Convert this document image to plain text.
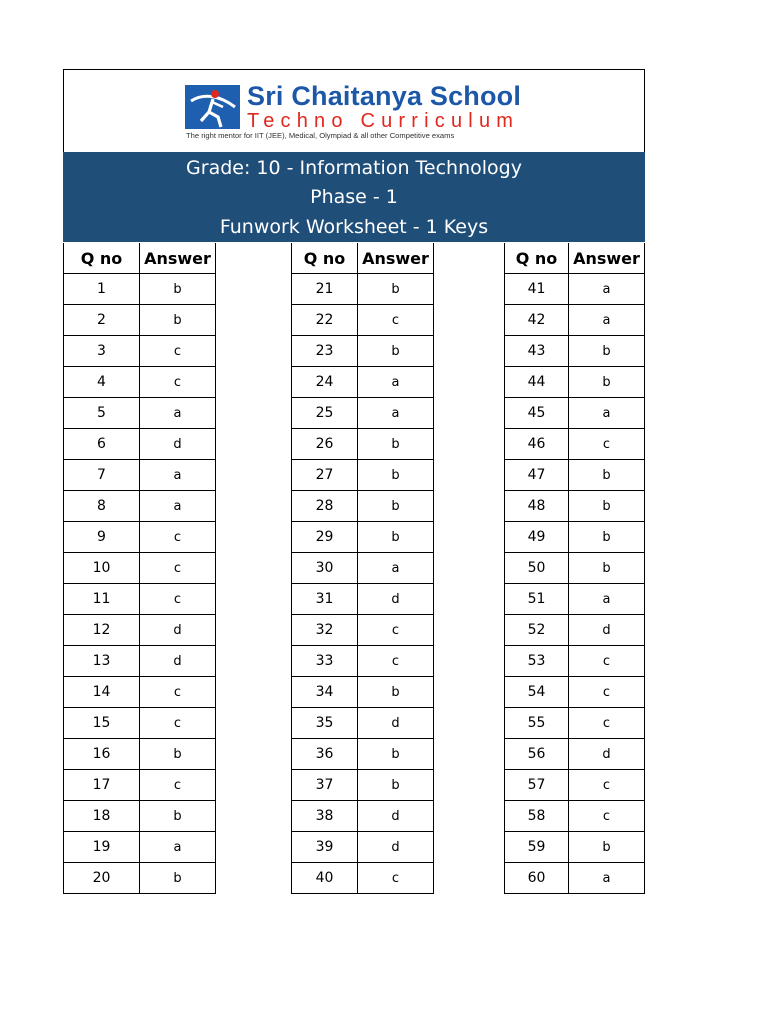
Sri Chaitanya School
Techno Curriculum
The right mentor for IIT (JEE), Medical, Olympiad & all other Competitive exams
Grade: 10 - Information Technology
Phase - 1
Funwork Worksheet - 1 Keys
Q no	Answer
1	b
2	b
3	c
4	c
5	a
6	d
7	a
8	a
9	c
10	c
11	c
12	d
13	d
14	c
15	c
16	b
17	c
18	b
19	a
20	b
Q no	Answer
21	b
22	c
23	b
24	a
25	a
26	b
27	b
28	b
29	b
30	a
31	d
32	c
33	c
34	b
35	d
36	b
37	b
38	d
39	d
40	c
Q no	Answer
41	a
42	a
43	b
44	b
45	a
46	c
47	b
48	b
49	b
50	b
51	a
52	d
53	c
54	c
55	c
56	d
57	c
58	c
59	b
60	a
